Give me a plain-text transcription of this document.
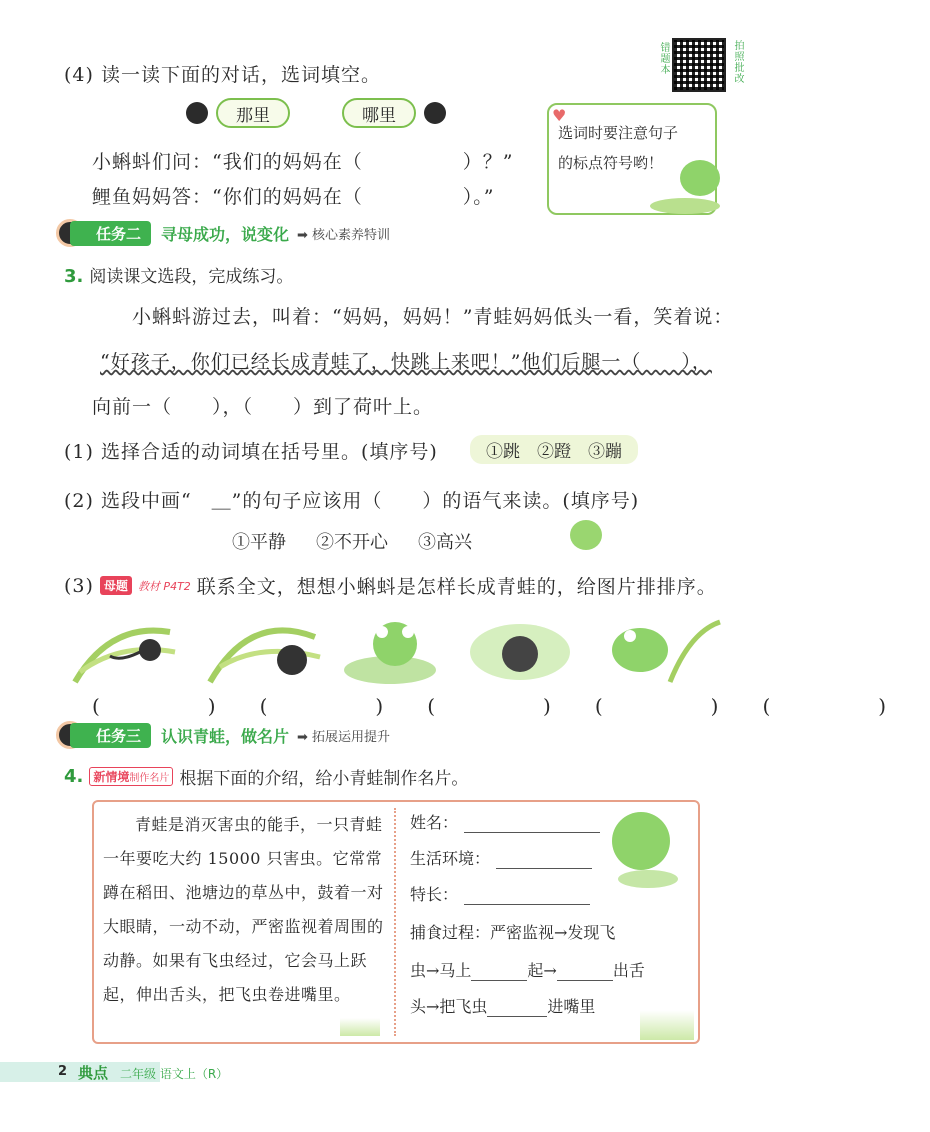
(4) 读一读下面的对话，选词填空。	错题本	拍照批改
那里	哪里
小蝌蚪们问：“我们的妈妈在（　　　　　）？”
鲤鱼妈妈答：“你们的妈妈在（　　　　　）。”
选词时要注意句子的标点符号哟！
♥
任务二	寻母成功，说变化 ➡ 核心素养特训
3. 阅读课文选段，完成练习。
小蝌蚪游过去，叫着：“妈妈，妈妈！”青蛙妈妈低头一看，笑着说：
“好孩子，你们已经长成青蛙了，快跳上来吧！”他们后腿一（　　），
向前一（　　），（　　）到了荷叶上。
(1) 选择合适的动词填在括号里。(填序号)	①跳　②蹬　③蹦
(2) 选段中画“　＿”的句子应该用（　　）的语气来读。(填序号)
①平静 ②不开心 ③高兴
(3) 母题 教材 P4T2 联系全文，想想小蝌蚪是怎样长成青蛙的，给图片排排序。
(　) (　) (　) (　) (　)
任务三	认识青蛙，做名片 ➡ 拓展运用提升
4. 新情境制作名片 根据下面的介绍，给小青蛙制作名片。
青蛙是消灭害虫的能手，一只青蛙一年要吃大约 15000 只害虫。它常常蹲在稻田、池塘边的草丛中，鼓着一对大眼睛，一动不动，严密监视着周围的动静。如果有飞虫经过，它会马上跃起，伸出舌头，把飞虫卷进嘴里。
姓名：
生活环境：
特长：
捕食过程：严密监视→发现飞
虫→马上	起→	出舌
头→把飞虫	进嘴里
2 典点 二年级 语文上（R）
